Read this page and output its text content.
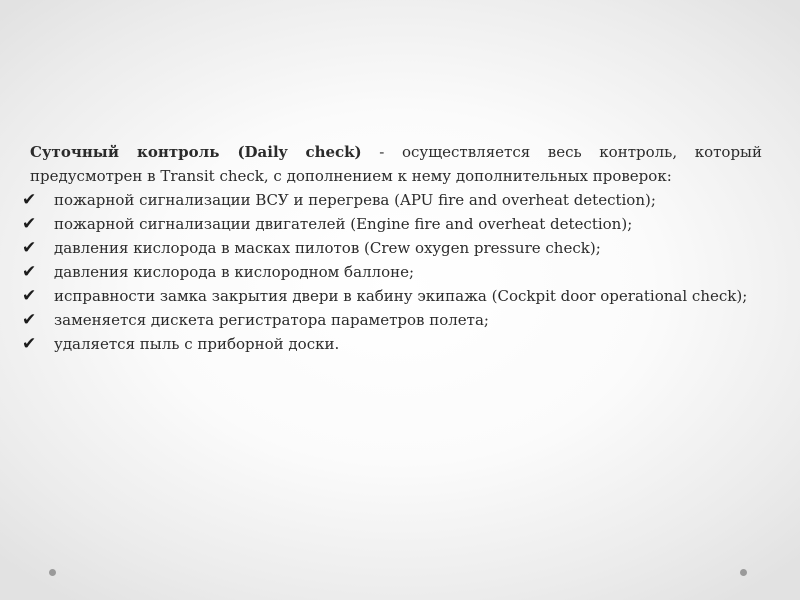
Суточный контроль (Daily check) - осуществляется весь контроль, который предусмотрен в Transit check, с дополнением к нему дополнительных проверок:

✔ пожарной сигнализации ВСУ и перегрева (APU fire and overheat detection);
✔ пожарной сигнализации двигателей (Engine fire and overheat detection);
✔ давления кислорода в масках пилотов (Crew oxygen pressure check);
✔ давления кислорода в кислородном баллоне;
✔ исправности замка закрытия двери в кабину экипажа (Cockpit door operational check);
✔ заменяется дискета регистратора параметров полета;
✔ удаляется пыль с приборной доски.
